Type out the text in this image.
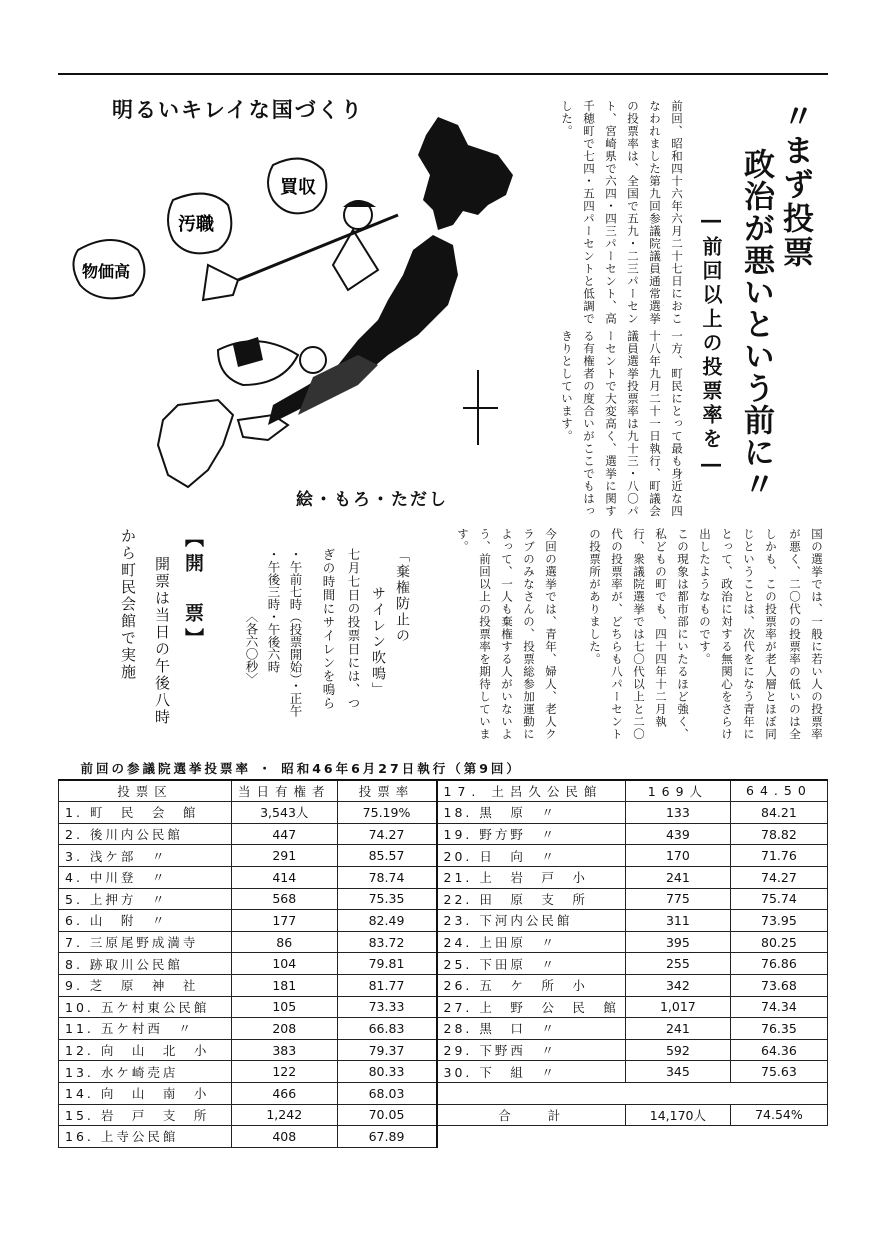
明るいキレイな国づくり
買収
汚職
物価高
絵・もろ・ただし
〃まず投票
政治が悪いという前に〃
―前回以上の投票率を―
前回、昭和四十六年六月二十七日におこなわれました第九回参議院議員通常選挙の投票率は、全国で五九・二三パーセント、宮崎県で六四・四三パーセント、高千穂町で七四・五四パーセントと低調でした。
一方、町民にとって最も身近な四十八年九月二十一日執行、町議会議員選挙投票率は九十三・八〇パーセントで大変高く、選挙に関する有権者の度合いがここでもはっきりとしています。
国の選挙では、一般に若い人の投票率が悪く、二〇代の投票率の低いのは全
しかも、この投票率が老人層とほぼ同じということは、次代をになう青年にとって、政治に対する無関心をさらけ出したようなものです。
この現象は都市部にいたるほど強く、私どもの町でも、四十四年十二月執行、衆議院選挙では七〇代以上と二〇代の投票率が、どちらも八パーセントの投票所がありました。
今回の選挙では、青年、婦人、老人クラブのみなさんの、投票総参加運動によって、一人も棄権する人がいないよう、前回以上の投票率を期待しています。
「棄権防止の
サイレン吹鳴」
七月七日の投票日には、つぎの時間にサイレンを鳴ら
・午前七時（投票開始）・正午
・午後三時・午後六時
〈各六〇秒〉
【開　票】
開票は当日の午後八時
から町民会館で実施
前回の参議院選挙投票率 ・ 昭和46年6月27日執行（第9回）					
投票区	当日有権者	投票率	17. 土呂久公民館	169人	64.50
1. 町　民　会　館	3,543人	75.19%	18. 黒　原　〃	133	84.21
2. 後川内公民館	447	74.27	19. 野方野　〃	439	78.82
3. 浅ケ部　〃	291	85.57	20. 日　向　〃	170	71.76
4. 中川登　〃	414	78.74	21. 上　岩　戸　小	241	74.27
5. 上押方　〃	568	75.35	22. 田　原　支　所	775	75.74
6. 山　附　〃	177	82.49	23. 下河内公民館	311	73.95
7. 三原尾野成満寺	86	83.72	24. 上田原　〃	395	80.25
8. 跡取川公民館	104	79.81	25. 下田原　〃	255	76.86
9. 芝　原　神　社	181	81.77	26. 五　ケ　所　小	342	73.68
10. 五ケ村東公民館	105	73.33	27. 上　野　公　民　館	1,017	74.34
11. 五ケ村西　〃	208	66.83	28. 黒　口　〃	241	76.35
12. 向　山　北　小	383	79.37	29. 下野西　〃	592	64.36
13. 水ケ崎売店	122	80.33	30. 下　組　〃	345	75.63
14. 向　山　南　小	466	68.03			
15. 岩　戸　支　所	1,242	70.05	合　　計	14,170人	74.54%
16. 上寺公民館	408	67.89			
